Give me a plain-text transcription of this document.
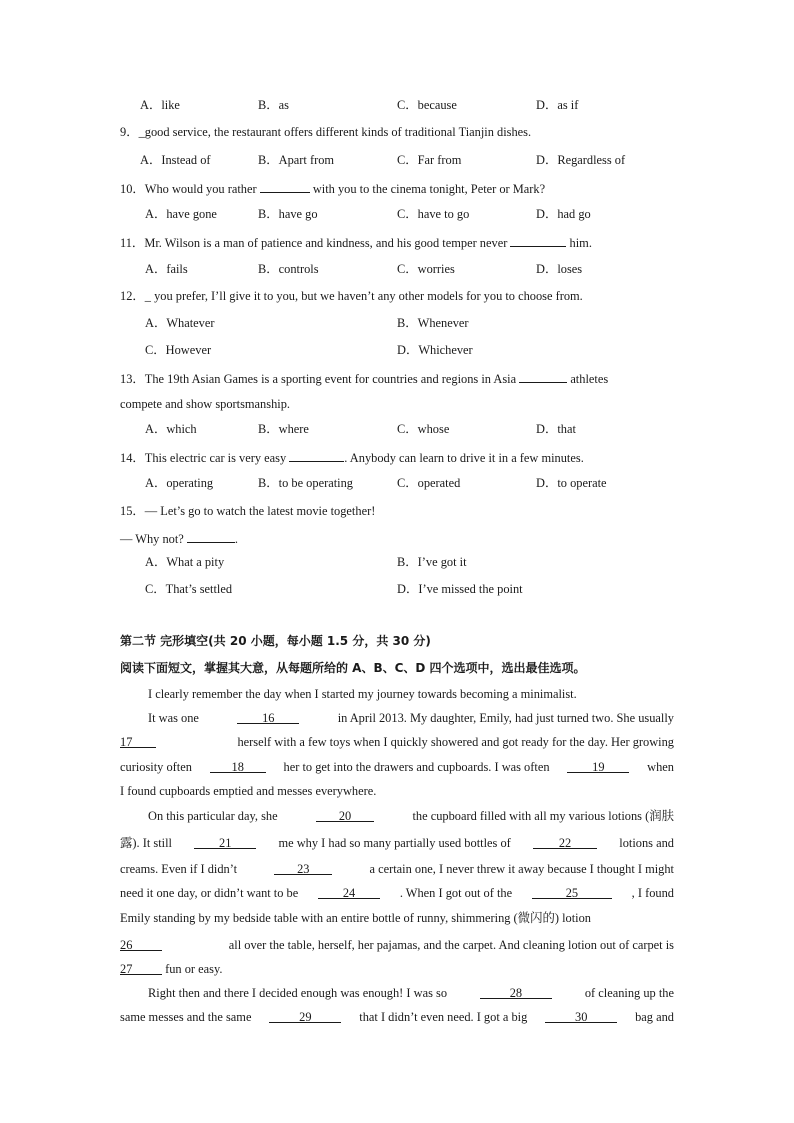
A．like	B．as	C．because	D．as if
9．_good service, the restaurant offers different kinds of traditional Tianjin dishes.
A．Instead of	B．Apart from	C．Far from	D．Regardless of
10．Who would you rather	with you to the cinema tonight, Peter or Mark?
A．have gone	B．have go	C．have to go	D．had go
11．Mr. Wilson is a man of patience and kindness, and his good temper never	him.
A．fails	B．controls	C．worries	D．loses
12．_ you prefer, I’ll give it to you, but we haven’t any other models for you to choose from.
A．Whatever	B．Whenever
C．However	D．Whichever
13．The 19th Asian Games is a sporting event for countries and regions in Asia	athletes
compete and show sportsmanship.
A．which	B．where	C．whose	D．that
14．This electric car is very easy	. Anybody can learn to drive it in a few minutes.
A．operating	B．to be operating	C．operated	D．to operate
15．— Let’s go to watch the latest movie together!
— Why not?	.
A．What a pity	B．I’ve got it
C．That’s settled	D．I’ve missed the point
第二节 完形填空(共 20 小题，每小题 1.5 分，共 30 分)
阅读下面短文，掌握其大意，从每题所给的 A、B、C、D 四个选项中，选出最佳选项。
I clearly remember the day when I started my journey towards becoming a minimalist.
It was one	16	in April 2013. My daughter, Emily, had just turned two. She usually
17	herself with a few toys when I quickly showered and got ready for the day. Her growing
curiosity often	18	her to get into the drawers and cupboards. I was often	19	when
I found cupboards emptied and messes everywhere.
On this particular day, she	20	the cupboard filled with all my various lotions (润肤
露). It still	21	me why I had so many partially used bottles of	22	lotions and
creams. Even if I didn’t	23	a certain one, I never threw it away because I thought I might
need it one day, or didn’t want to be	24	. When I got out of the	25	, I found
Emily standing by my bedside table with an entire bottle of runny, shimmering (微闪的) lotion
26	all over the table, herself, her pajamas, and the carpet. And cleaning lotion out of carpet is
27	fun or easy.
Right then and there I decided enough was enough! I was so	28	of cleaning up the
same messes and the same	29	that I didn’t even need. I got a big	30	bag and
